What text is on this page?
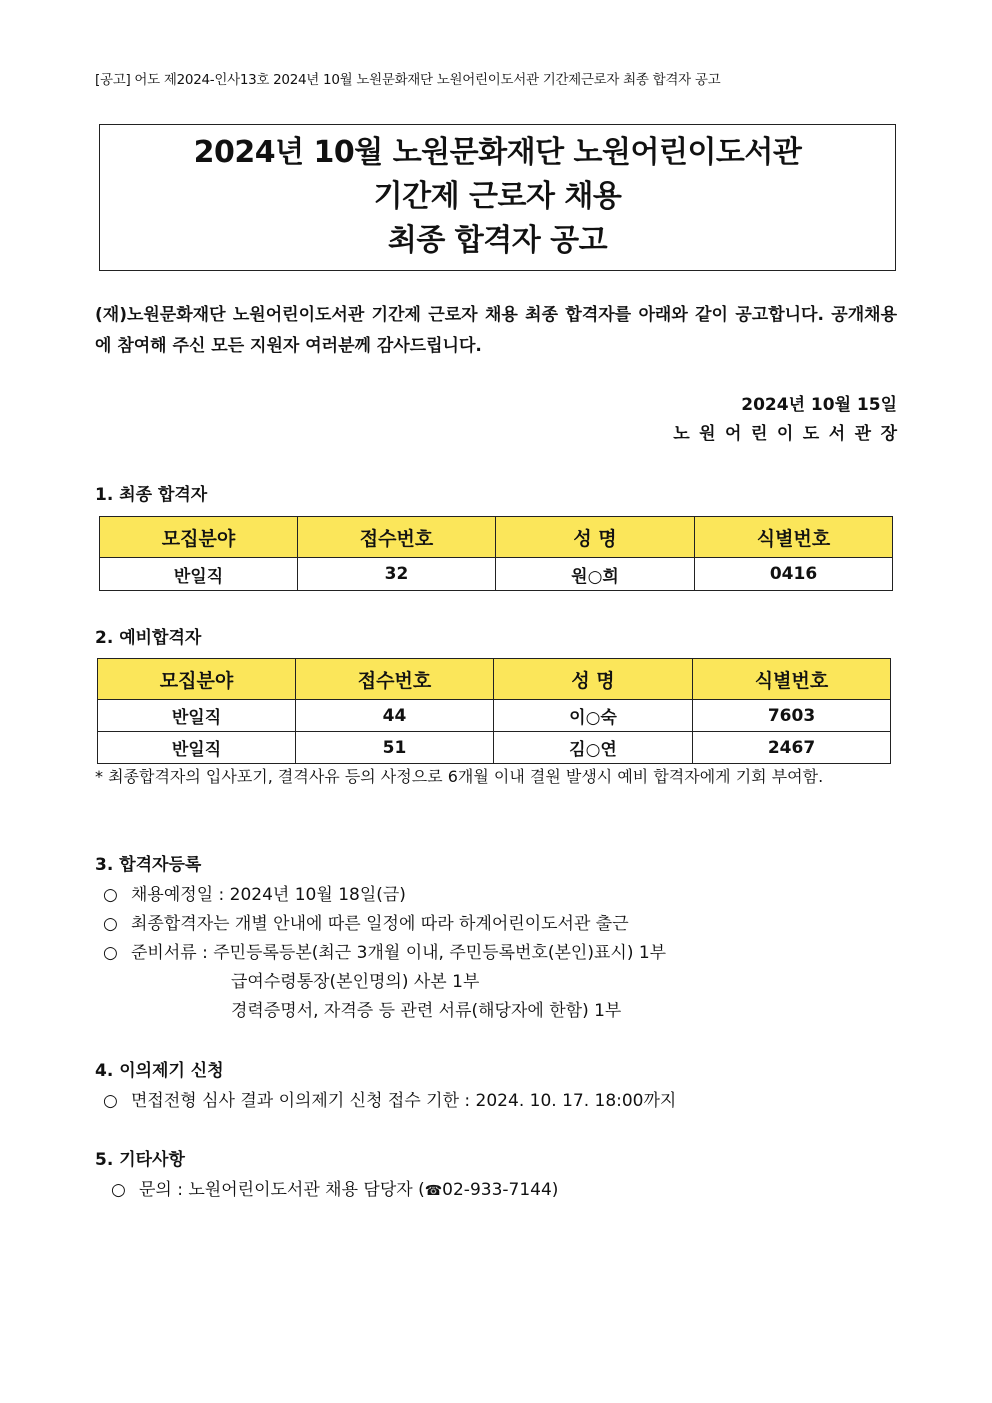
[공고] 어도 제2024-인사13호 2024년 10월 노원문화재단 노원어린이도서관 기간제근로자 최종 합격자 공고
2024년 10월 노원문화재단 노원어린이도서관
기간제 근로자 채용
최종 합격자 공고
(재)노원문화재단 노원어린이도서관 기간제 근로자 채용 최종 합격자를 아래와 같이 공고합니다. 공개채용에 참여해 주신 모든 지원자 여러분께 감사드립니다.
2024년 10월 15일
노원어린이도서관장
1. 최종 합격자
모집분야	접수번호	성 명	식별번호
반일직	32	원○희	0416
2. 예비합격자
모집분야	접수번호	성 명	식별번호
반일직	44	이○숙	7603
반일직	51	김○연	2467
* 최종합격자의 입사포기, 결격사유 등의 사정으로 6개월 이내 결원 발생시 예비 합격자에게 기회 부여함.
3. 합격자등록
○ 채용예정일 : 2024년 10월 18일(금)
○ 최종합격자는 개별 안내에 따른 일정에 따라 하계어린이도서관 출근
○ 준비서류 : 주민등록등본(최근 3개월 이내, 주민등록번호(본인)표시) 1부
급여수령통장(본인명의) 사본 1부
경력증명서, 자격증 등 관련 서류(해당자에 한함) 1부
4. 이의제기 신청
○ 면접전형 심사 결과 이의제기 신청 접수 기한 : 2024. 10. 17. 18:00까지
5. 기타사항
○ 문의 : 노원어린이도서관 채용 담당자 (☎02-933-7144)
